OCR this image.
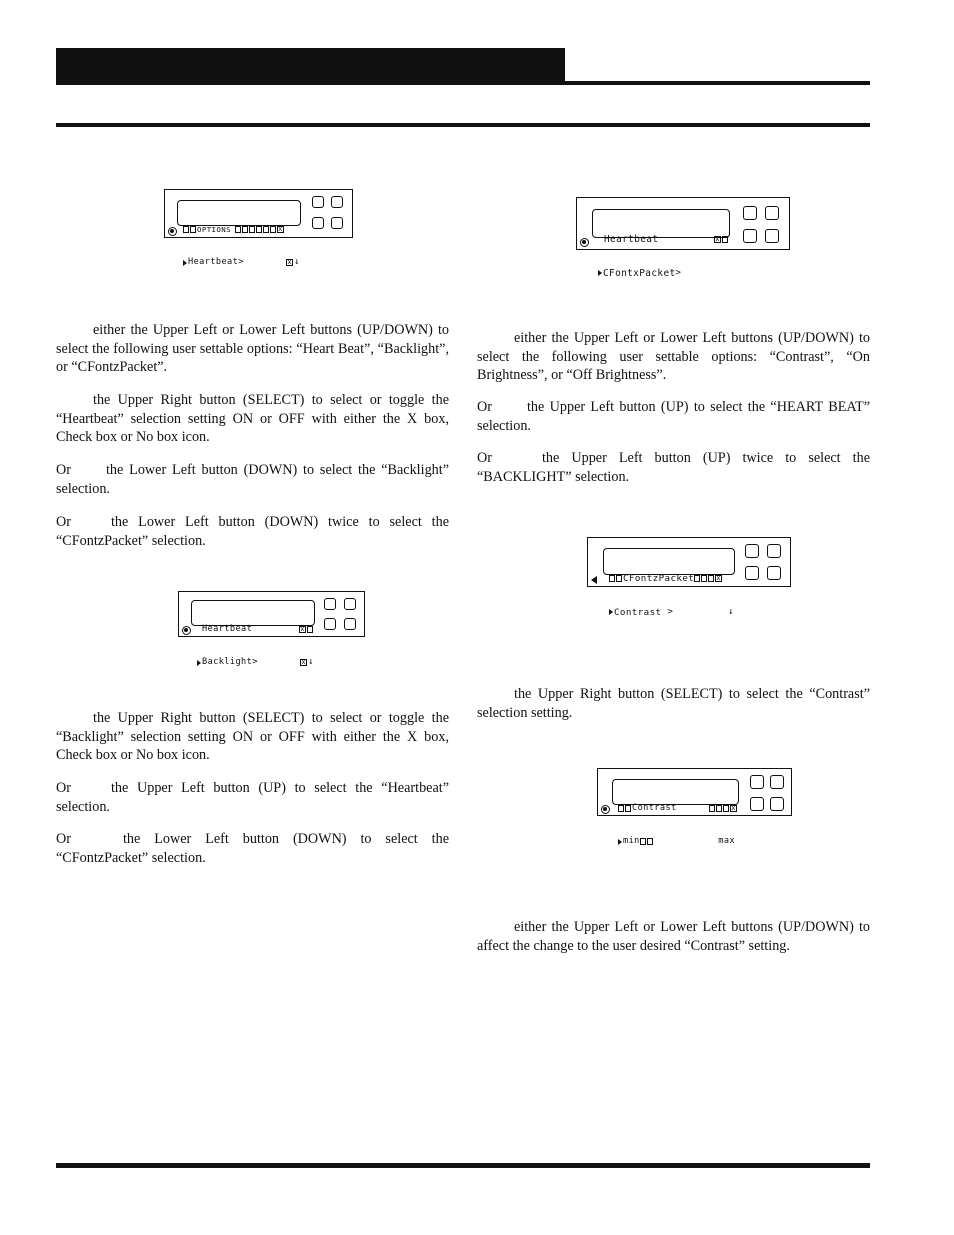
OPTIONS	x

Heartbeat >	x ↓

Heartbeat	x

Backlight >	x ↓

Heartbeat	x

CFontxPacket >

CFontzPacket	x

Contrast >	↓

Contrast	x

min	max

either the Upper Left or Lower Left buttons (UP/DOWN) to select the following user settable options: “Heart Beat”, “Backlight”, or “CFontzPacket”.

the Upper Right button (SELECT) to select or toggle the “Heartbeat” selection setting ON or OFF with either the X box, Check box or No box icon.

Or the Lower Left button (DOWN) to select the “Backlight” selection.

Or	the Lower Left button (DOWN) twice to select the “CFontzPacket” selection.

the Upper Right button (SELECT) to select or toggle the “Backlight” selection setting ON or OFF with either the X box, Check box or No box icon.

Or	the Upper Left button (UP) to select the “Heartbeat” selection.

Or	the Lower Left button (DOWN) to select the “CFontzPacket” selection.

either the Upper Left or Lower Left buttons (UP/DOWN) to select the following user settable options: “Contrast”, “On Brightness”, or “Off Brightness”.

Or the Upper Left button (UP) to select the “HEART BEAT” selection.

Or	the Upper Left button (UP) twice to select the “BACKLIGHT” selection.

the Upper Right button (SELECT) to select the “Contrast” selection setting.

either the Upper Left or Lower Left buttons (UP/DOWN) to affect the change to the user desired “Contrast” setting.
